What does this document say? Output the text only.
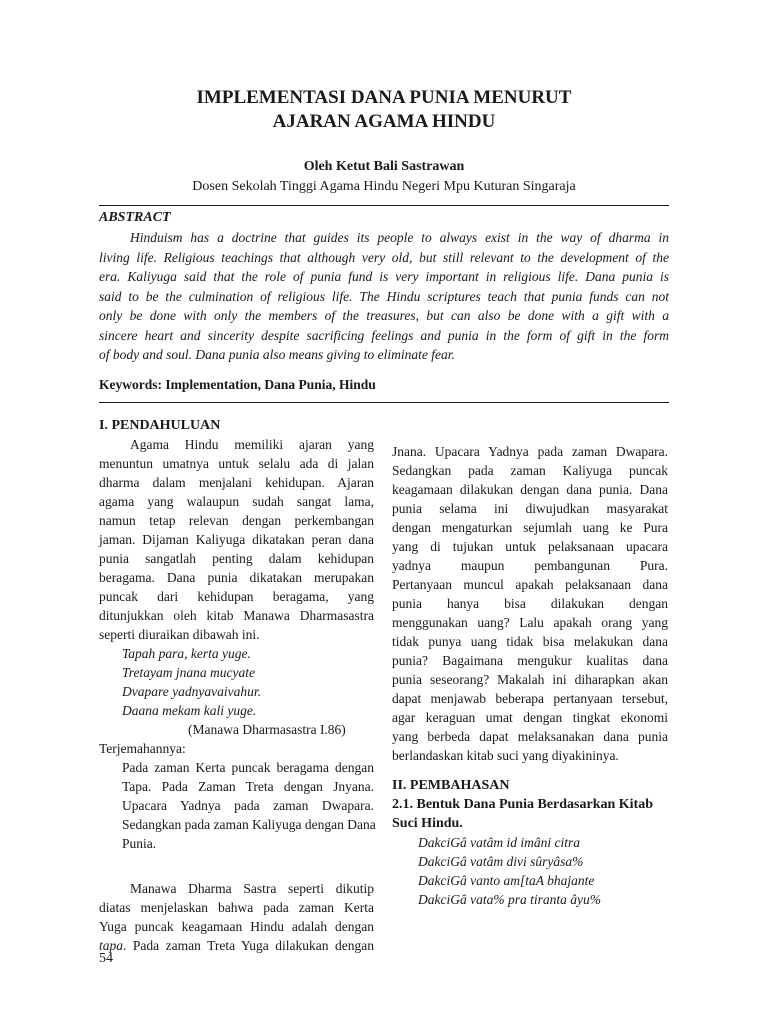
IMPLEMENTASI DANA PUNIA MENURUT
AJARAN AGAMA HINDU
Oleh Ketut Bali Sastrawan
Dosen Sekolah Tinggi Agama Hindu Negeri Mpu Kuturan Singaraja
ABSTRACT
Hinduism has a doctrine that guides its people to always exist in the way of dharma in
living life. Religious teachings that although very old, but still relevant to the development of the
era. Kaliyuga said that the role of punia fund is very important in religious life. Dana punia is
said to be the culmination of religious life. The Hindu scriptures teach that punia funds can not
only be done with only the members of the treasures, but can also be done with a gift with a
sincere heart and sincerity despite sacrificing feelings and punia in the form of gift in the form
of body and soul. Dana punia also means giving to eliminate fear.
Keywords: Implementation, Dana Punia, Hindu
I. PENDAHULUAN
Agama Hindu memiliki ajaran yang
menuntun umatnya untuk selalu ada di jalan
dharma dalam menjalani kehidupan. Ajaran
agama yang walaupun sudah sangat lama,
namun tetap relevan dengan perkembangan
jaman. Dijaman Kaliyuga dikatakan peran dana
punia sangatlah penting dalam kehidupan
beragama. Dana punia dikatakan merupakan
puncak dari kehidupan beragama, yang
ditunjukkan oleh kitab Manawa Dharmasastra
seperti diuraikan dibawah ini.
Tapah para, kerta yuge.
Tretayam jnana mucyate
Dvapare yadnyavaivahur.
Daana mekam kali yuge.
(Manawa Dharmasastra I.86)
Terjemahannya:
Pada zaman Kerta puncak beragama dengan
Tapa. Pada Zaman Treta dengan Jnyana.
Upacara Yadnya pada zaman Dwapara.
Sedangkan pada zaman Kaliyuga dengan Dana
Punia.
Manawa Dharma Sastra seperti dikutip
diatas menjelaskan bahwa pada zaman Kerta
Yuga puncak keagamaan Hindu adalah dengan
tapa. Pada zaman Treta Yuga dilakukan dengan
Jnana. Upacara Yadnya pada zaman Dwapara.
Sedangkan pada zaman Kaliyuga puncak
keagamaan dilakukan dengan dana punia. Dana
punia selama ini diwujudkan masyarakat
dengan mengaturkan sejumlah uang ke Pura
yang di tujukan untuk pelaksanaan upacara
yadnya maupun pembangunan Pura.
Pertanyaan muncul apakah pelaksanaan dana
punia hanya bisa dilakukan dengan
menggunakan uang? Lalu apakah orang yang
tidak punya uang tidak bisa melakukan dana
punia? Bagaimana mengukur kualitas dana
punia seseorang? Makalah ini diharapkan akan
dapat menjawab beberapa pertanyaan tersebut,
agar keraguan umat dengan tingkat ekonomi
yang berbeda dapat melaksanakan dana punia
berlandaskan kitab suci yang diyakininya.
II. PEMBAHASAN
2.1. Bentuk Dana Punia Berdasarkan Kitab
Suci Hindu.
DakciGâ vatâm id imâni citra
DakciGâ vatâm divi sûryâsa%
DakciGâ vanto am[taA bhajante
DakciGâ vata% pra tiranta âyu%
54
